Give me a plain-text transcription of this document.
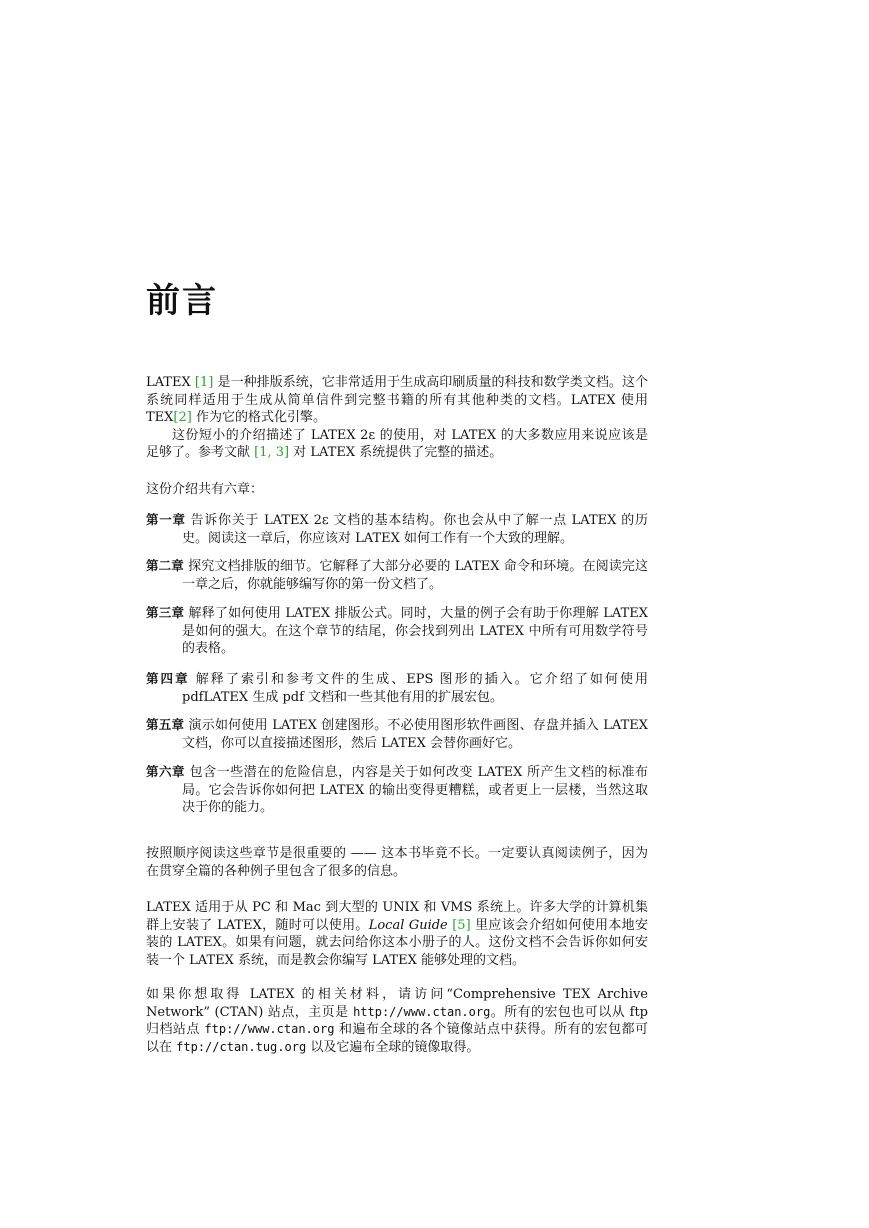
前言

LATEX [1] 是一种排版系统，它非常适用于生成高印刷质量的科技和数学类文档。这个系统同样适用于生成从简单信件到完整书籍的所有其他种类的文档。LATEX 使用 TEX[2] 作为它的格式化引擎。

这份短小的介绍描述了 LATEX 2ε 的使用，对 LATEX 的大多数应用来说应该是足够了。参考文献 [1, 3] 对 LATEX 系统提供了完整的描述。

这份介绍共有六章：

第一章 告诉你关于 LATEX 2ε 文档的基本结构。你也会从中了解一点 LATEX 的历史。阅读这一章后，你应该对 LATEX 如何工作有一个大致的理解。
第二章 探究文档排版的细节。它解释了大部分必要的 LATEX 命令和环境。在阅读完这一章之后，你就能够编写你的第一份文档了。
第三章 解释了如何使用 LATEX 排版公式。同时，大量的例子会有助于你理解 LATEX 是如何的强大。在这个章节的结尾，你会找到列出 LATEX 中所有可用数学符号的表格。
第四章 解释了索引和参考文件的生成、EPS 图形的插入。它介绍了如何使用 pdfLATEX 生成 pdf 文档和一些其他有用的扩展宏包。
第五章 演示如何使用 LATEX 创建图形。不必使用图形软件画图、存盘并插入 LATEX 文档，你可以直接描述图形，然后 LATEX 会替你画好它。
第六章 包含一些潜在的危险信息，内容是关于如何改变 LATEX 所产生文档的标准布局。它会告诉你如何把 LATEX 的输出变得更糟糕，或者更上一层楼，当然这取决于你的能力。

按照顺序阅读这些章节是很重要的 —— 这本书毕竟不长。一定要认真阅读例子，因为在贯穿全篇的各种例子里包含了很多的信息。

LATEX 适用于从 PC 和 Mac 到大型的 UNIX 和 VMS 系统上。许多大学的计算机集群上安装了 LATEX，随时可以使用。Local Guide [5] 里应该会介绍如何使用本地安装的 LATEX。如果有问题，就去问给你这本小册子的人。这份文档不会告诉你如何安装一个 LATEX 系统，而是教会你编写 LATEX 能够处理的文档。

如果你想取得 LATEX 的相关材料，请访问“Comprehensive TEX Archive Network” (CTAN) 站点，主页是 http://www.ctan.org。所有的宏包也可以从 ftp 归档站点 ftp://www.ctan.org 和遍布全球的各个镜像站点中获得。所有的宏包都可以在 ftp://ctan.tug.org 以及它遍布全球的镜像取得。
